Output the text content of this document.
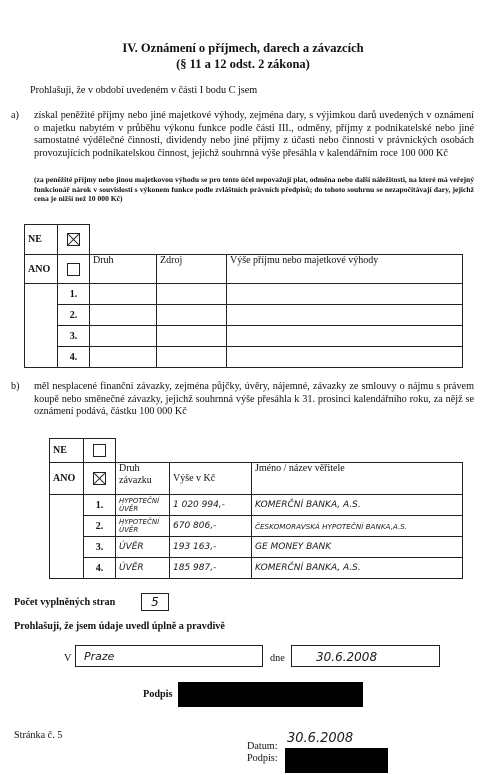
IV. Oznámení o příjmech, darech a závazcích
(§ 11 a 12 odst. 2 zákona)
Prohlašuji, že v období uvedeném v části I bodu C jsem
a) získal peněžité příjmy nebo jiné majetkové výhody, zejména dary, s výjimkou darů uvedených v oznámení o majetku nabytém v průběhu výkonu funkce podle části III., odměny, příjmy z podnikatelské nebo jiné samostatné výdělečné činnosti, dividendy nebo jiné příjmy z účasti nebo činnosti v právnických osobách provozujících podnikatelskou činnost, jejichž souhrnná výše přesáhla v kalendářním roce 100 000 Kč
(za peněžité příjmy nebo jinou majetkovou výhodu se pro tento účel nepovažují plat, odměna nebo další náležitosti, na které má veřejný funkcionář nárok v souvislosti s výkonem funkce podle zvláštních právních předpisů; do tohoto souhrnu se nezapočítávají dary, jejichž cena je nižší než 10 000 Kč)
NE				
ANO		Druh	Zdroj	Výše příjmu nebo majetkové výhody
	1.			
	2.			
	3.			
	4.			
b) měl nesplacené finanční závazky, zejména půjčky, úvěry, nájemné, závazky ze smlouvy o nájmu s právem koupě nebo směnečné závazky, jejichž souhrnná výše přesáhla k 31. prosinci kalendářního roku, za nějž se oznámení podává, částku 100 000 Kč
NE				
ANO		Druh závazku	Výše v Kč	Jméno / název věřitele
	1.	HYPOTEČNÍ ÚVĚR	1 020 994,-	KOMERČNÍ BANKA, A.S.
	2.	HYPOTEČNÍ ÚVĚR	670 806,-	ČESKOMORAVSKÁ HYPOTEČNÍ BANKA,A.S.
	3.	ÚVĚR	193 163,-	GE MONEY BANK
	4.	ÚVĚR	185 987,-	KOMERČNÍ BANKA, A.S.
Počet vyplněných stran	5
Prohlašuji, že jsem údaje uvedl úplně a pravdivě
V	Praze	dne	30.6.2008
Podpis
Stránka č. 5
Datum:
30.6.2008
Podpis:
